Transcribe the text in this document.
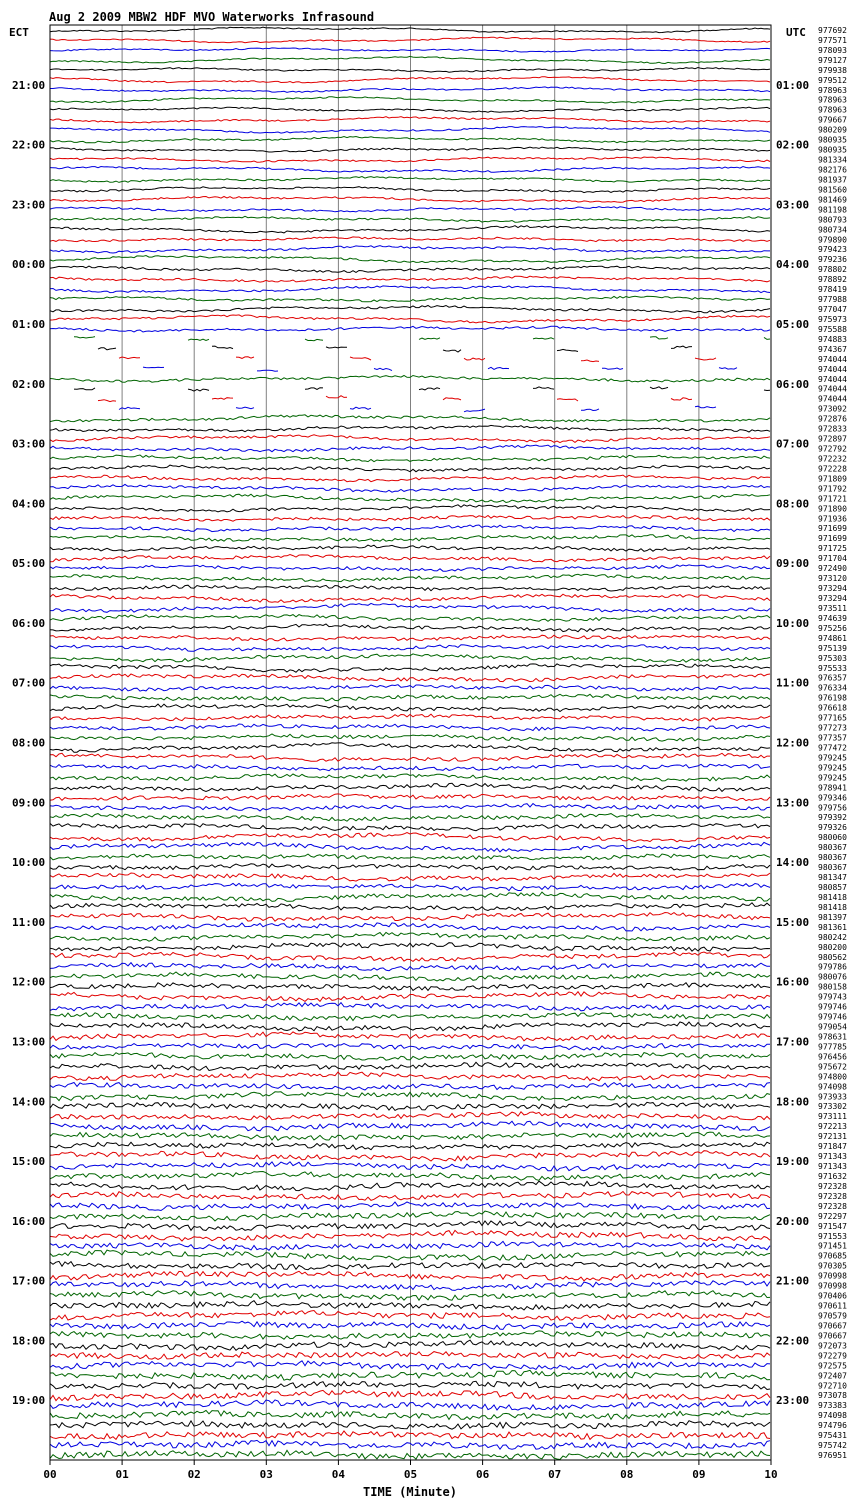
Aug 2 2009 MBW2 HDF MVO Waterworks Infrasound
ECT	UTC
TIME (Minute)
00	01	02	03	04	05	06	07	08	09	10
21:00
22:00
23:00
00:00
01:00
02:00
03:00
04:00
05:00
06:00
07:00
08:00
09:00
10:00
11:00
12:00
13:00
14:00
15:00
16:00
17:00
18:00
19:00
01:00
02:00
03:00
04:00
05:00
06:00
07:00
08:00
09:00
10:00
11:00
12:00
13:00
14:00
15:00
16:00
17:00
18:00
19:00
20:00
21:00
22:00
23:00
977692
977571
978093
979127
979938
979512
978963
978963
978963
979667
980209
980935
980935
981334
982176
981937
981560
981469
981198
980793
980734
979890
979423
979236
978802
978892
978419
977988
977047
975973
975588
974883
974367
974044
974044
974044
974044
974044
973092
972876
972833
972897
972792
972232
972228
971809
971792
971721
971890
971936
971699
971699
971725
971704
972490
973120
973294
973294
973511
974639
975256
974861
975139
975303
975533
976357
976334
976198
976618
977165
977273
977357
977472
979245
979245
979245
978941
979346
979756
979392
979326
980060
980367
980367
980367
981347
980857
981418
981418
981397
981361
980242
980200
980562
979786
980076
980158
979743
979746
979746
979054
978631
977785
976456
975672
974800
974098
973933
973302
973111
972213
972131
971847
971343
971343
971632
972328
972328
972328
972297
971547
971553
971451
970685
970305
970998
970998
970406
970611
970579
970667
970667
972073
972279
972575
972407
972710
973078
973383
974098
974796
975431
975742
976951
